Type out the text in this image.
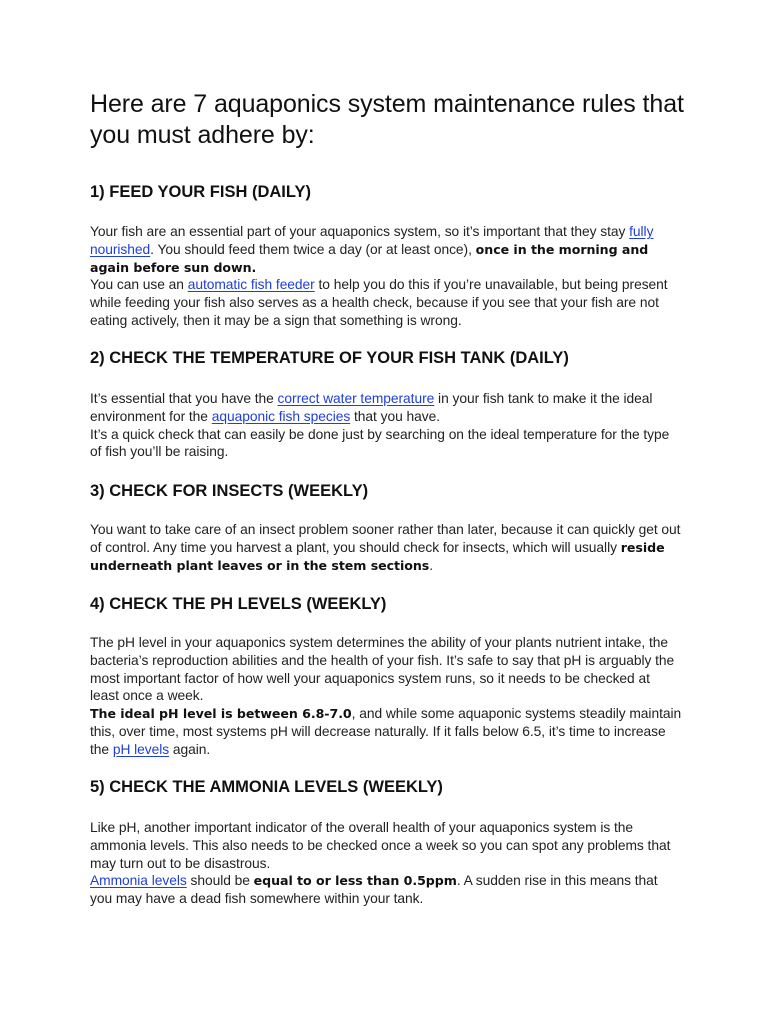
Here are 7 aquaponics system maintenance rules that you must adhere by:
1) FEED YOUR FISH (DAILY)

Your fish are an essential part of your aquaponics system, so it’s important that they stay fully nourished. You should feed them twice a day (or at least once), once in the morning and again before sun down.

You can use an automatic fish feeder to help you do this if you’re unavailable, but being present while feeding your fish also serves as a health check, because if you see that your fish are not eating actively, then it may be a sign that something is wrong.

2) CHECK THE TEMPERATURE OF YOUR FISH TANK (DAILY)

It’s essential that you have the correct water temperature in your fish tank to make it the ideal environment for the aquaponic fish species that you have.

It’s a quick check that can easily be done just by searching on the ideal temperature for the type of fish you’ll be raising.

3) CHECK FOR INSECTS (WEEKLY)

You want to take care of an insect problem sooner rather than later, because it can quickly get out of control. Any time you harvest a plant, you should check for insects, which will usually reside underneath plant leaves or in the stem sections.

4) CHECK THE PH LEVELS (WEEKLY)

The pH level in your aquaponics system determines the ability of your plants nutrient intake, the bacteria’s reproduction abilities and the health of your fish. It’s safe to say that pH is arguably the most important factor of how well your aquaponics system runs, so it needs to be checked at least once a week.

The ideal pH level is between 6.8-7.0, and while some aquaponic systems steadily maintain this, over time, most systems pH will decrease naturally. If it falls below 6.5, it’s time to increase the pH levels again.

5) CHECK THE AMMONIA LEVELS (WEEKLY)

Like pH, another important indicator of the overall health of your aquaponics system is the ammonia levels. This also needs to be checked once a week so you can spot any problems that may turn out to be disastrous.

Ammonia levels should be equal to or less than 0.5ppm. A sudden rise in this means that you may have a dead fish somewhere within your tank.
